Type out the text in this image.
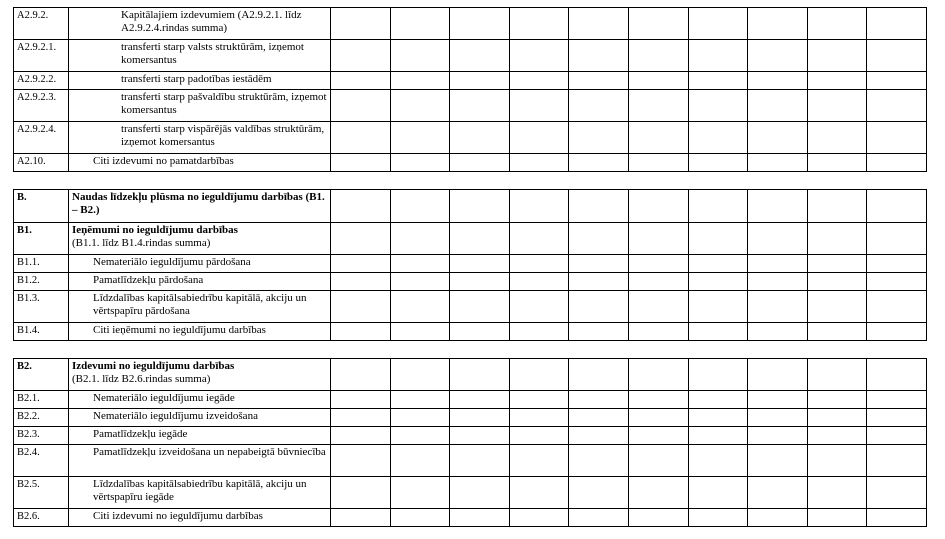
A2.9.2.	Kapitālajiem izdevumiem (A2.9.2.1. līdz A2.9.2.4.rindas summa)										

A2.9.2.1.	transferti starp valsts struktūrām, izņemot komersantus										

A2.9.2.2.	transferti starp padotības iestādēm										

A2.9.2.3.	transferti starp pašvaldību struktūrām, izņemot komersantus										

A2.9.2.4.	transferti starp vispārējās valdības struktūrām, izņemot komersantus										

A2.10.	Citi izdevumi no pamatdarbības										

B.	Naudas līdzekļu plūsma no ieguldījumu darbības (B1. – B2.)										

B1.	Ieņēmumi no ieguldījumu darbības
(B1.1. līdz B1.4.rindas summa)										

B1.1.	Nemateriālo ieguldījumu pārdošana										

B1.2.	Pamatlīdzekļu pārdošana										

B1.3.	Līdzdalības kapitālsabiedrību kapitālā, akciju un vērtspapīru pārdošana										

B1.4.	Citi ieņēmumi no ieguldījumu darbības										

B2.	Izdevumi no ieguldījumu darbības
(B2.1. līdz B2.6.rindas summa)										

B2.1.	Nemateriālo ieguldījumu iegāde										

B2.2.	Nemateriālo ieguldījumu izveidošana										

B2.3.	Pamatlīdzekļu iegāde										

B2.4.	Pamatlīdzekļu izveidošana un nepabeigtā būvniecība										

B2.5.	Līdzdalības kapitālsabiedrību kapitālā, akciju un vērtspapīru iegāde										

B2.6.	Citi izdevumi no ieguldījumu darbības										
